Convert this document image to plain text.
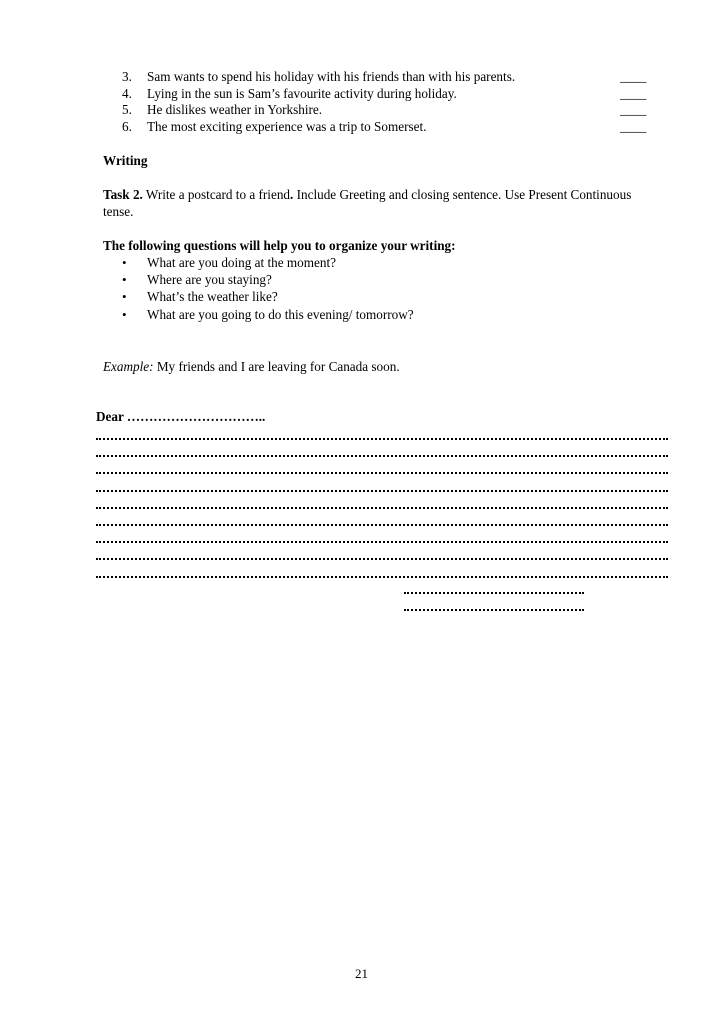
3. Sam wants to spend his holiday with his friends than with his parents.	____
4. Lying in the sun is Sam’s favourite activity during holiday.	____
5. He dislikes weather in Yorkshire.	____
6. The most exciting experience was a trip to Somerset.	____
Writing
Task 2. Write a postcard to a friend. Include Greeting and closing sentence. Use Present Continuous tense.
The following questions will help you to organize your writing:
• What are you doing at the moment?
• Where are you staying?
• What’s the weather like?
• What are you going to do this evening/ tomorrow?
Example: My friends and I are leaving for Canada soon.
Dear …………………………..
21
